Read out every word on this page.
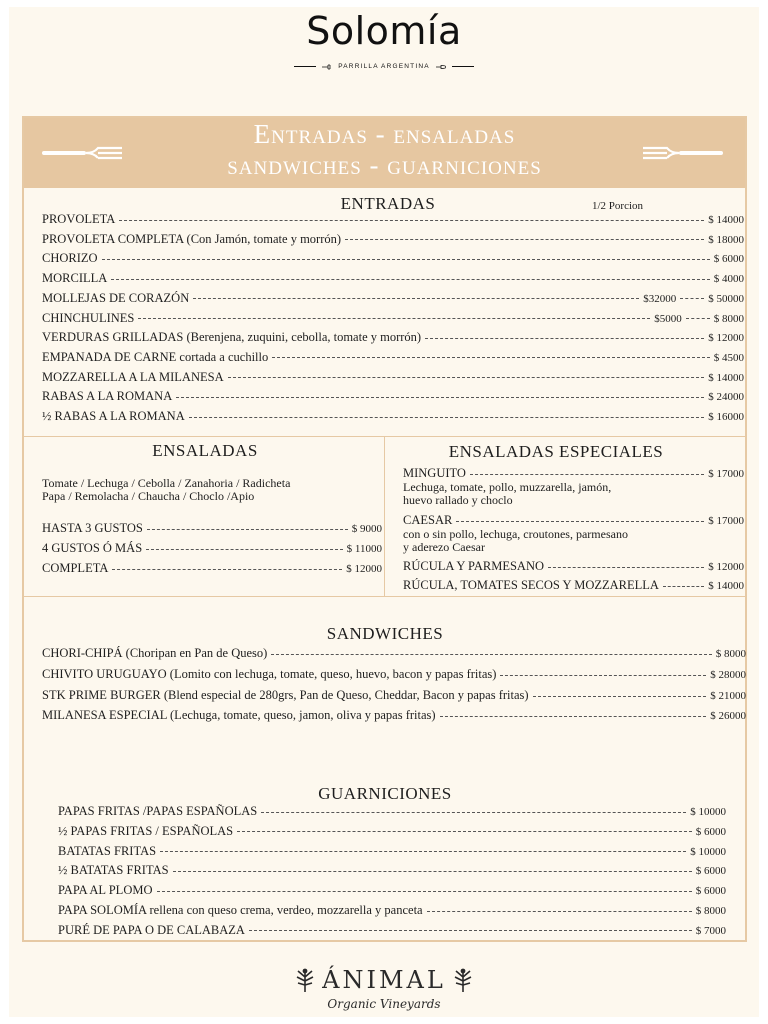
Solomía
PARRILLA ARGENTINA
Entradas - ensaladas
sandwiches - guarniciones
ENTRADAS	1/2 Porcion
PROVOLETA	$ 14000
PROVOLETA COMPLETA (Con Jamón, tomate y morrón)	$ 18000
CHORIZO	$ 6000
MORCILLA	$ 4000
MOLLEJAS DE CORAZÓN	$32000	$ 50000
CHINCHULINES	$5000	$ 8000
VERDURAS GRILLADAS (Berenjena, zuquini, cebolla, tomate y morrón)	$ 12000
EMPANADA DE CARNE cortada a cuchillo	$ 4500
MOZZARELLA A LA MILANESA	$ 14000
RABAS A LA ROMANA	$ 24000
½ RABAS A LA ROMANA	$ 16000
ENSALADAS
Tomate / Lechuga / Cebolla / Zanahoria / Radicheta
Papa / Remolacha / Chaucha / Choclo /Apio
HASTA 3 GUSTOS	$ 9000
4 GUSTOS Ó MÁS	$ 11000
COMPLETA	$ 12000
ENSALADAS ESPECIALES
MINGUITO	$ 17000
Lechuga, tomate, pollo, muzzarella, jamón,
huevo rallado y choclo
CAESAR	$ 17000
con o sin pollo, lechuga, croutones, parmesano
y aderezo Caesar
RÚCULA Y PARMESANO	$ 12000
RÚCULA, TOMATES SECOS Y MOZZARELLA	$ 14000
SANDWICHES
CHORI-CHIPÁ (Choripan en Pan de Queso)	$ 8000
CHIVITO URUGUAYO (Lomito con lechuga, tomate, queso, huevo, bacon y papas fritas)	$ 28000
STK PRIME BURGER (Blend especial de 280grs, Pan de Queso, Cheddar, Bacon y papas fritas)	$ 21000
MILANESA ESPECIAL (Lechuga, tomate, queso, jamon, oliva y papas fritas)	$ 26000
GUARNICIONES
PAPAS FRITAS /PAPAS ESPAÑOLAS	$ 10000
½ PAPAS FRITAS / ESPAÑOLAS	$ 6000
BATATAS FRITAS	$ 10000
½ BATATAS FRITAS	$ 6000
PAPA AL PLOMO	$ 6000
PAPA SOLOMÍA rellena con queso crema, verdeo, mozzarella y panceta	$ 8000
PURÉ DE PAPA O DE CALABAZA	$ 7000
ÁNIMAL
Organic Vineyards
